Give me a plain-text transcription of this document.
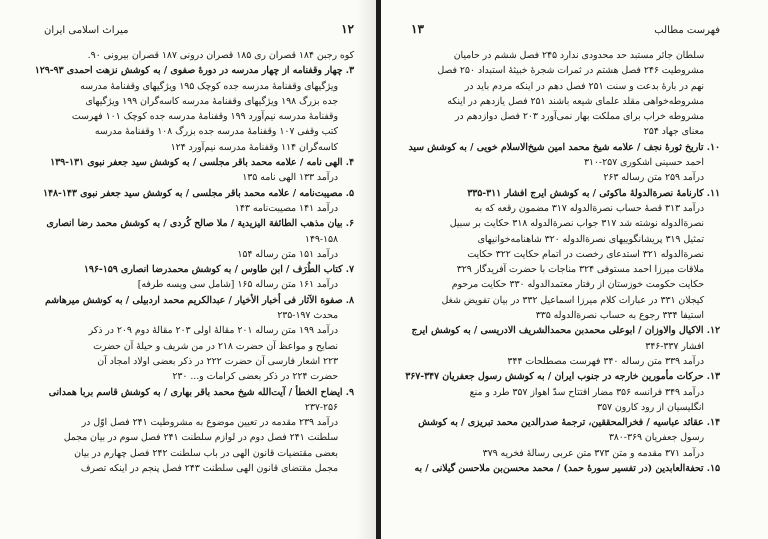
۱۲
میراث اسلامی ایران
کوه رجبن ۱۸۴ قصران ری ۱۸۵ قصران درونی ۱۸۷ قصران بیرونی ۹۰.
۳. چهار وقفنامه از چهار مدرسه در دورهٔ صفوی / به کوشش نزهت احمدی ۹۳-۱۲۹
ویژگیهای وقفنامهٔ مدرسه جده کوچک ۱۹۵ ویژگیهای وقفنامهٔ مدرسه
جده بزرگ ۱۹۸ ویژگیهای وقفنامهٔ مدرسه کاسه‌گران ۱۹۹ ویژگیهای
وقفنامهٔ مدرسه نیم‌آورد ۱۹۹ وقفنامهٔ مدرسه جده کوچک ۱۰۱ فهرست
کتب وقفی ۱۰۷ وقفنامهٔ مدرسه جده بزرگ ۱۰۸ وقفنامهٔ مدرسه
کاسه‌گران ۱۱۴ وقفنامهٔ مدرسه نیم‌آورد ۱۲۴
۴. الهی نامه / علامه محمد باقر مجلسی / به کوشش سید جعفر نبوی ۱۳۱-۱۳۹
درآمد ۱۳۳ الهی نامه ۱۳۵
۵. مصیبت‌نامه / علامه محمد باقر مجلسی / به کوشش سید جعفر نبوی ۱۴۳-۱۴۸
درآمد ۱۴۱ مصیبت‌نامه ۱۴۳
۶. بیان مذهب الطائفة الیزیدیة / ملا صالح کُردی / به کوشش محمد رضا انصاری
۱۴۹-۱۵۸
درآمد ۱۵۱ متن رساله ۱۵۴
۷. کتاب الطُرَف / ابن طاوس / به کوشش محمدرضا انصاری ۱۵۹-۱۹۶
درآمد ۱۶۱ متن رساله ۱۶۵ [شامل سی ویسه طرفه]
۸. صفوة الآثار فی أخبار الأخیار / عبدالکریم محمد اردبیلی / به کوشش میرهاشم
محدث ۱۹۷-۲۳۵
درآمد ۱۹۹ متن رساله ۲۰۱ مقالهٔ اولی ۲۰۳ مقالهٔ دوم ۲۰۹ در ذکر
نصایح و مواعظ آن حضرت ۲۱۸ در من شریف و حیلهٔ آن حضرت
۲۲۳ اشعار فارسی آن حضرت ۲۲۲ در ذکر بعضی اولاد امجاد آن
حضرت ۲۲۴ در ذکر بعضی کرامات و... ۲۳۰
۹. ایضاح الخطأ / آیت‌الله شیخ محمد باقر بهاری / به کوشش قاسم بربا همدانی
۲۳۷-۲۵۶
درآمد ۲۳۹ مقدمه در تعیین موضوع به مشروطیت ۲۴۱ فصل اوّل در
سلطنت ۲۴۱ فصل دوم در لوازم سلطنت ۲۴۱ فصل سوم در بیان مجمل
بعضی مقتضیات قانون الهی در باب سلطنت ۲۴۲ فصل چهارم در بیان
مجمل مقتضای قانون الهی سلطنت ۲۴۳ فصل پنجم در اینکه تصرف
فهرست مطالب
۱۳
سلطان جائر مستبد حد محدودی ندارد ۲۴۵ فصل ششم در حامیان
مشروطیت ۲۴۶ فصل هشتم در ثمرات شجرهٔ خبیثهٔ استبداد ۲۵۰ فصل
نهم در بارهٔ بدعت و سنت ۲۵۱ فصل دهم در اینکه مردم باید در
مشروطه‌خواهی مقلد علمای شیعه باشند ۲۵۱ فصل یازدهم در اینکه
مشروطه خراب برای مملکت بهار نمی‌آورد ۲۰۳ فصل دوازدهم در
معنای جهاد ۲۵۴
۱۰. تاریخ ثورهٔ نجف / علامه شیخ محمد امین شیخ‌الاسلام خویی / به کوشش سید
احمد حسینی اشکوری ۲۵۷-۳۱۰
درآمد ۲۵۹ متن رساله ۲۶۳
۱۱. کارنامهٔ نصرةالدولهٔ ماکوئی / به کوشش ایرج افشار ۳۱۱-۳۳۵
درآمد ۳۱۳ قصهٔ حساب نصرةالدوله ۳۱۷ مضمون رقعه که به
نصرةالدوله نوشته شد ۳۱۷ جواب نصرةالدوله ۳۱۸ حکایت بر سبیل
تمثیل ۳۱۹ پریشانگوییهای نصرةالدوله ۳۲۰ شاهنامه‌خوانیهای
نصرةالدوله ۳۲۱ استدعای رخصت در اتمام حکایت ۳۲۲ حکایت
ملاقات میرزا احمد مستوفی ۳۲۴ مناجات با حضرت آفریدگار ۳۲۹
حکایت حکومت خوزستان از رفتار معتمدالدوله ۳۳۰ حکایت مرحوم
کیجلان ۳۳۱ در عبارات کلام میرزا اسماعیل ۳۳۲ در بیان تفویض شغل
استیفا ۳۳۴ رجوع به حساب نصرةالدوله ۳۳۵
۱۲. الاکیال والاوزان / ابوعلی محمدبن محمدالشریف الادریسی / به کوشش ایرج
افشار ۳۳۷-۳۴۶
درآمد ۳۳۹ متن رساله ۳۴۰ فهرست مصطلحات ۳۴۴
۱۳. حرکات مأمورین خارجه در جنوب ایران / به کوشش رسول جعفریان ۳۴۷-۳۶۷
درآمد ۳۴۹ فرانسه ۳۵۶ مضار افتتاح سدّ اهواز ۳۵۷ طرد و منع
انگلیسیان از رود کارون ۳۵۷
۱۴. عقائد عباسیه / فخرالمحققین، ترجمهٔ صدرالدین محمد تبریزی / به کوشش
رسول جعفریان ۳۶۹-۳۸۰
درآمد ۳۷۱ مقدمه و متن ۳۷۳ متن عربی رسالهٔ فخریه ۳۷۹
۱۵. تحفةالعابدین (در تفسیر سورهٔ حمد) / محمد محسن‌بن ملاحسن گیلانی / به
